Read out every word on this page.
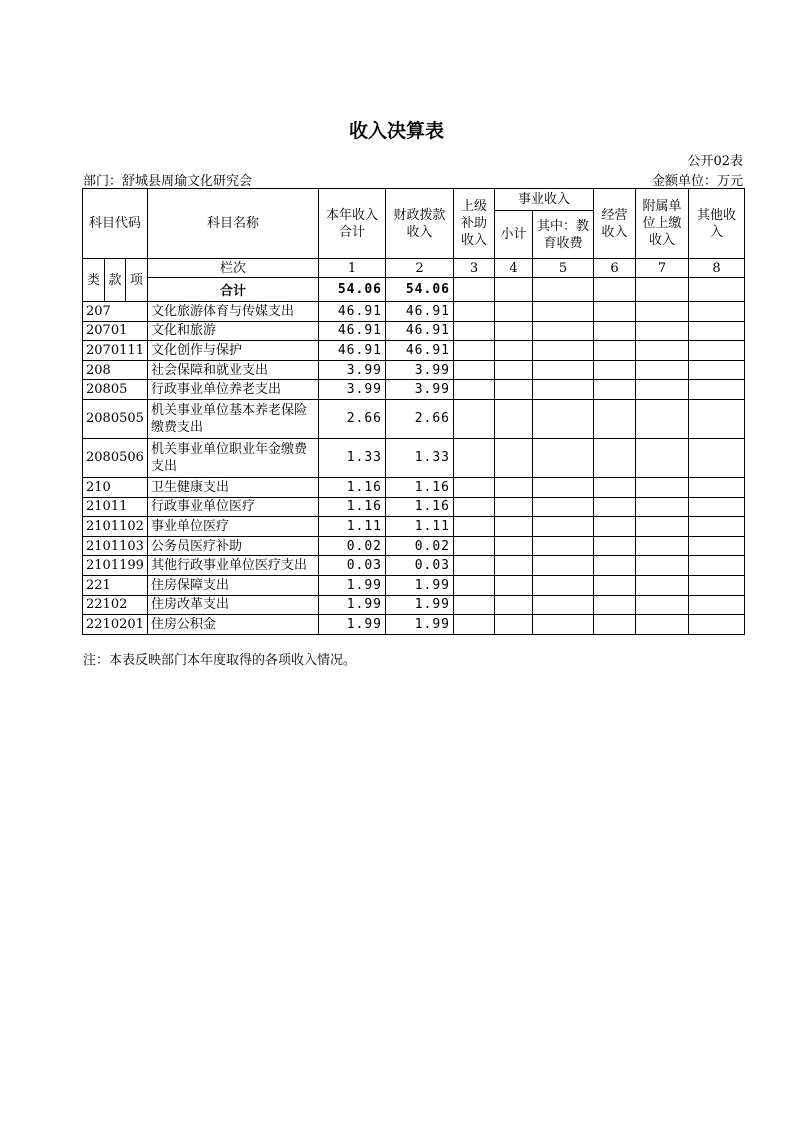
收入决算表
公开02表
部门：舒城县周瑜文化研究会	金额单位：万元
科目代码			科目名称	本年收入合计	财政拨款收入	上级补助收入	事业收入		经营收入	附属单位上缴收入	其他收入
							小计	其中：教育收费			
类	款	项	栏次	1	2	3	4	5	6	7	8
			合计	54.06	54.06						
207			文化旅游体育与传媒支出	46.91	46.91						
20701			文化和旅游	46.91	46.91						
2070111			文化创作与保护	46.91	46.91						
208			社会保障和就业支出	3.99	3.99						
20805			行政事业单位养老支出	3.99	3.99						
2080505			机关事业单位基本养老保险缴费支出	2.66	2.66						
2080506			机关事业单位职业年金缴费支出	1.33	1.33						
210			卫生健康支出	1.16	1.16						
21011			行政事业单位医疗	1.16	1.16						
2101102			事业单位医疗	1.11	1.11						
2101103			公务员医疗补助	0.02	0.02						
2101199			其他行政事业单位医疗支出	0.03	0.03						
221			住房保障支出	1.99	1.99						
22102			住房改革支出	1.99	1.99						
2210201			住房公积金	1.99	1.99						
注：本表反映部门本年度取得的各项收入情况。
